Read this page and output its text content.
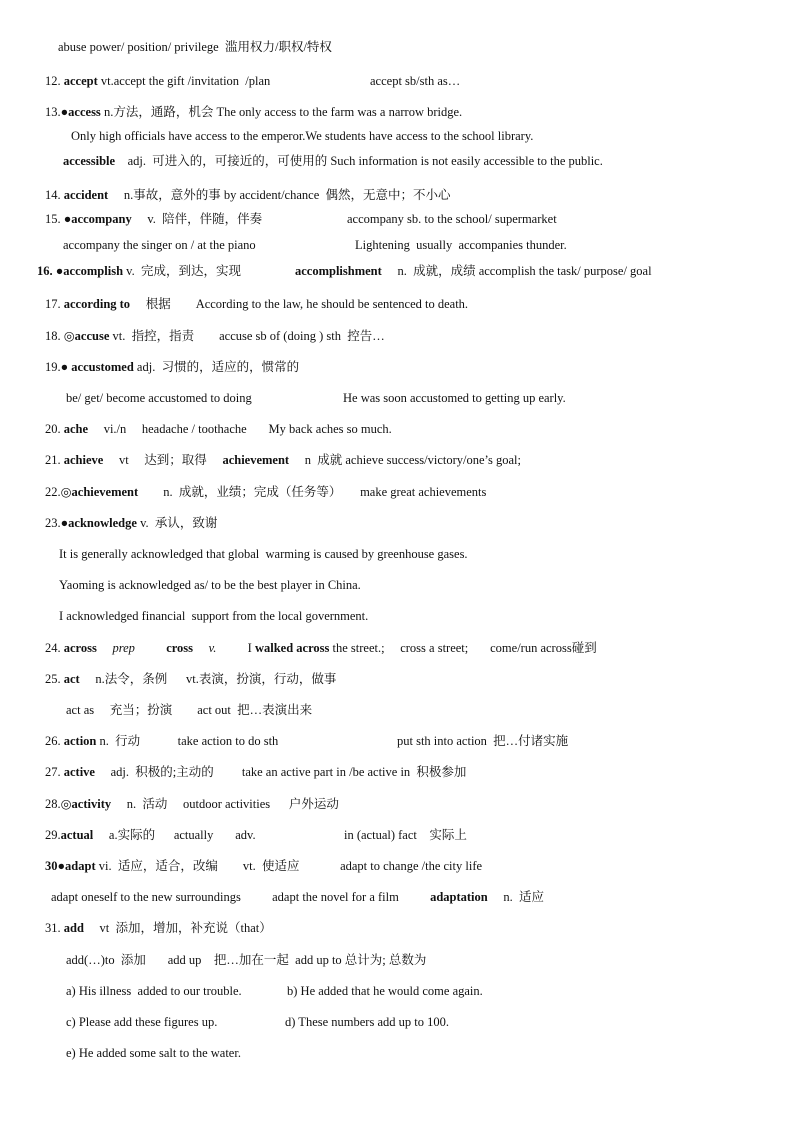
abuse power/ position/ privilege  滥用权力/职权/特权
12. accept vt.accept the gift /invitation  /plan	accept sb/sth as…
13.●access n.方法，通路，机会 The only access to the farm was a narrow bridge.
Only high officials have access to the emperor.We students have access to the school library.
accessible    adj.  可进入的，可接近的，可使用的 Such information is not easily accessible to the public.
14. accident     n.事故，意外的事 by accident/chance  偶然，无意中；不小心
15. ●accompany     v.  陪伴，伴随，伴奏	accompany sb. to the school/ supermarket
accompany the singer on / at the piano	Lightening  usually  accompanies thunder.
16. ●accomplish v.  完成，到达，实现	accomplishment     n.  成就，成绩 accomplish the task/ purpose/ goal
17. according to     根据        According to the law, he should be sentenced to death.
18. ◎accuse vt.  指控，指责        accuse sb of (doing ) sth  控告…
19.● accustomed adj.  习惯的，适应的，惯常的
be/ get/ become accustomed to doing	He was soon accustomed to getting up early.
20. ache     vi./n     headache / toothache       My back aches so much.
21. achieve     vt     达到；取得     achievement     n  成就 achieve success/victory/one’s goal;
22.◎achievement        n.  成就，业绩；完成（任务等）      make great achievements
23.●acknowledge v.  承认，致谢
It is generally acknowledged that global  warming is caused by greenhouse gases.
Yaoming is acknowledged as/ to be the best player in China.
I acknowledged financial  support from the local government.
24. across prep	cross v.          I walked across the street.;     cross a street;       come/run across碰到
25. act     n.法令，条例      vt.表演，扮演，行动，做事
act as     充当；扮演        act out  把…表演出来
26. action n.  行动            take action to do sth	put sth into action  把…付诸实施
27. active     adj.  积极的;主动的         take an active part in /be active in  积极参加
28.◎activity     n.  活动     outdoor activities      户外运动
29.actual     a.实际的      actually       adv.	in (actual) fact    实际上
30●adapt vi.  适应，适合，改编        vt.  使适应             adapt to change /the city life
adapt oneself to the new surroundings          adapt the novel for a film          adaptation     n.  适应
31. add     vt  添加，增加，补充说（that）
add(…)to  添加       add up    把…加在一起  add up to 总计为; 总数为
a) His illness  added to our trouble.	b) He added that he would come again.
c) Please add these figures up.	d) These numbers add up to 100.
e) He added some salt to the water.
